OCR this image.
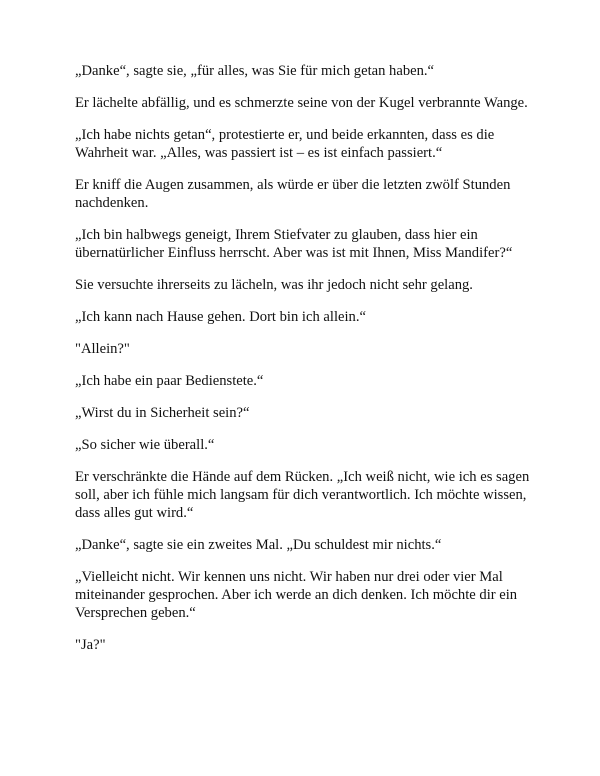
„Danke“, sagte sie, „für alles, was Sie für mich getan haben.“

Er lächelte abfällig, und es schmerzte seine von der Kugel verbrannte Wange.

„Ich habe nichts getan“, protestierte er, und beide erkannten, dass es die Wahrheit war. „Alles, was passiert ist – es ist einfach passiert.“

Er kniff die Augen zusammen, als würde er über die letzten zwölf Stunden nachdenken.

„Ich bin halbwegs geneigt, Ihrem Stiefvater zu glauben, dass hier ein übernatürlicher Einfluss herrscht. Aber was ist mit Ihnen, Miss Mandifer?“

Sie versuchte ihrerseits zu lächeln, was ihr jedoch nicht sehr gelang.

„Ich kann nach Hause gehen. Dort bin ich allein.“

"Allein?"

„Ich habe ein paar Bedienstete.“

„Wirst du in Sicherheit sein?“

„So sicher wie überall.“

Er verschränkte die Hände auf dem Rücken. „Ich weiß nicht, wie ich es sagen soll, aber ich fühle mich langsam für dich verantwortlich. Ich möchte wissen, dass alles gut wird.“

„Danke“, sagte sie ein zweites Mal. „Du schuldest mir nichts.“

„Vielleicht nicht. Wir kennen uns nicht. Wir haben nur drei oder vier Mal miteinander gesprochen. Aber ich werde an dich denken. Ich möchte dir ein Versprechen geben.“

"Ja?"
